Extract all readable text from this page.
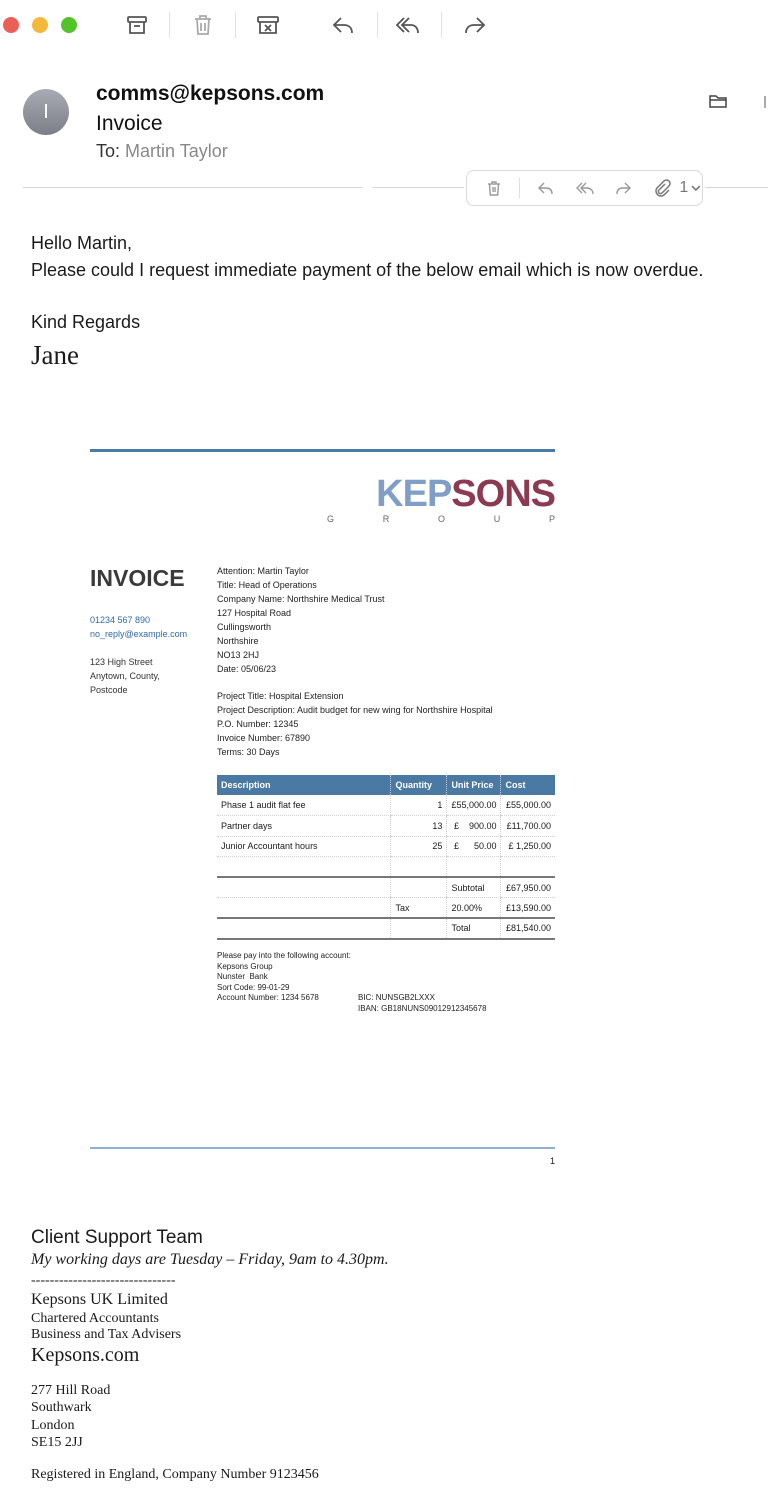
I
comms@kepsons.com
Invoice
To: Martin Taylor
1
Hello Martin,
Please could I request immediate payment of the below email which is now overdue.
Kind Regards
Jane
KEPSONS
G	R	O	U	P
INVOICE
01234 567 890
no_reply@example.com
123 High Street
Anytown, County,
Postcode
Attention: Martin Taylor
Title: Head of Operations
Company Name: Northshire Medical Trust
127 Hospital Road
Cullingsworth
Northshire
NO13 2HJ
Date: 05/06/23
Project Title: Hospital Extension
Project Description: Audit budget for new wing for Northshire Hospital
P.O. Number: 12345
Invoice Number: 67890
Terms: 30 Days
Description	Quantity	Unit Price	Cost
Phase 1 audit flat fee	1	£55,000.00	£55,000.00
Partner days	13	£    900.00	£11,700.00
Junior Accountant hours	25	£      50.00	£ 1,250.00

		Subtotal	£67,950.00
	Tax	20.00%	£13,590.00
		Total	£81,540.00
Please pay into the following account:
Kepsons Group
Nunster  Bank
Sort Code: 99-01-29
Account Number: 1234 5678	BIC: NUNSGB2LXXX
IBAN: GB18NUNS09012912345678
1
Client Support Team
My working days are Tuesday – Friday, 9am to 4.30pm.
-------------------------------
Kepsons UK Limited
Chartered Accountants
Business and Tax Advisers
Kepsons.com
277 Hill Road
Southwark
London
SE15 2JJ
Registered in England, Company Number 9123456
